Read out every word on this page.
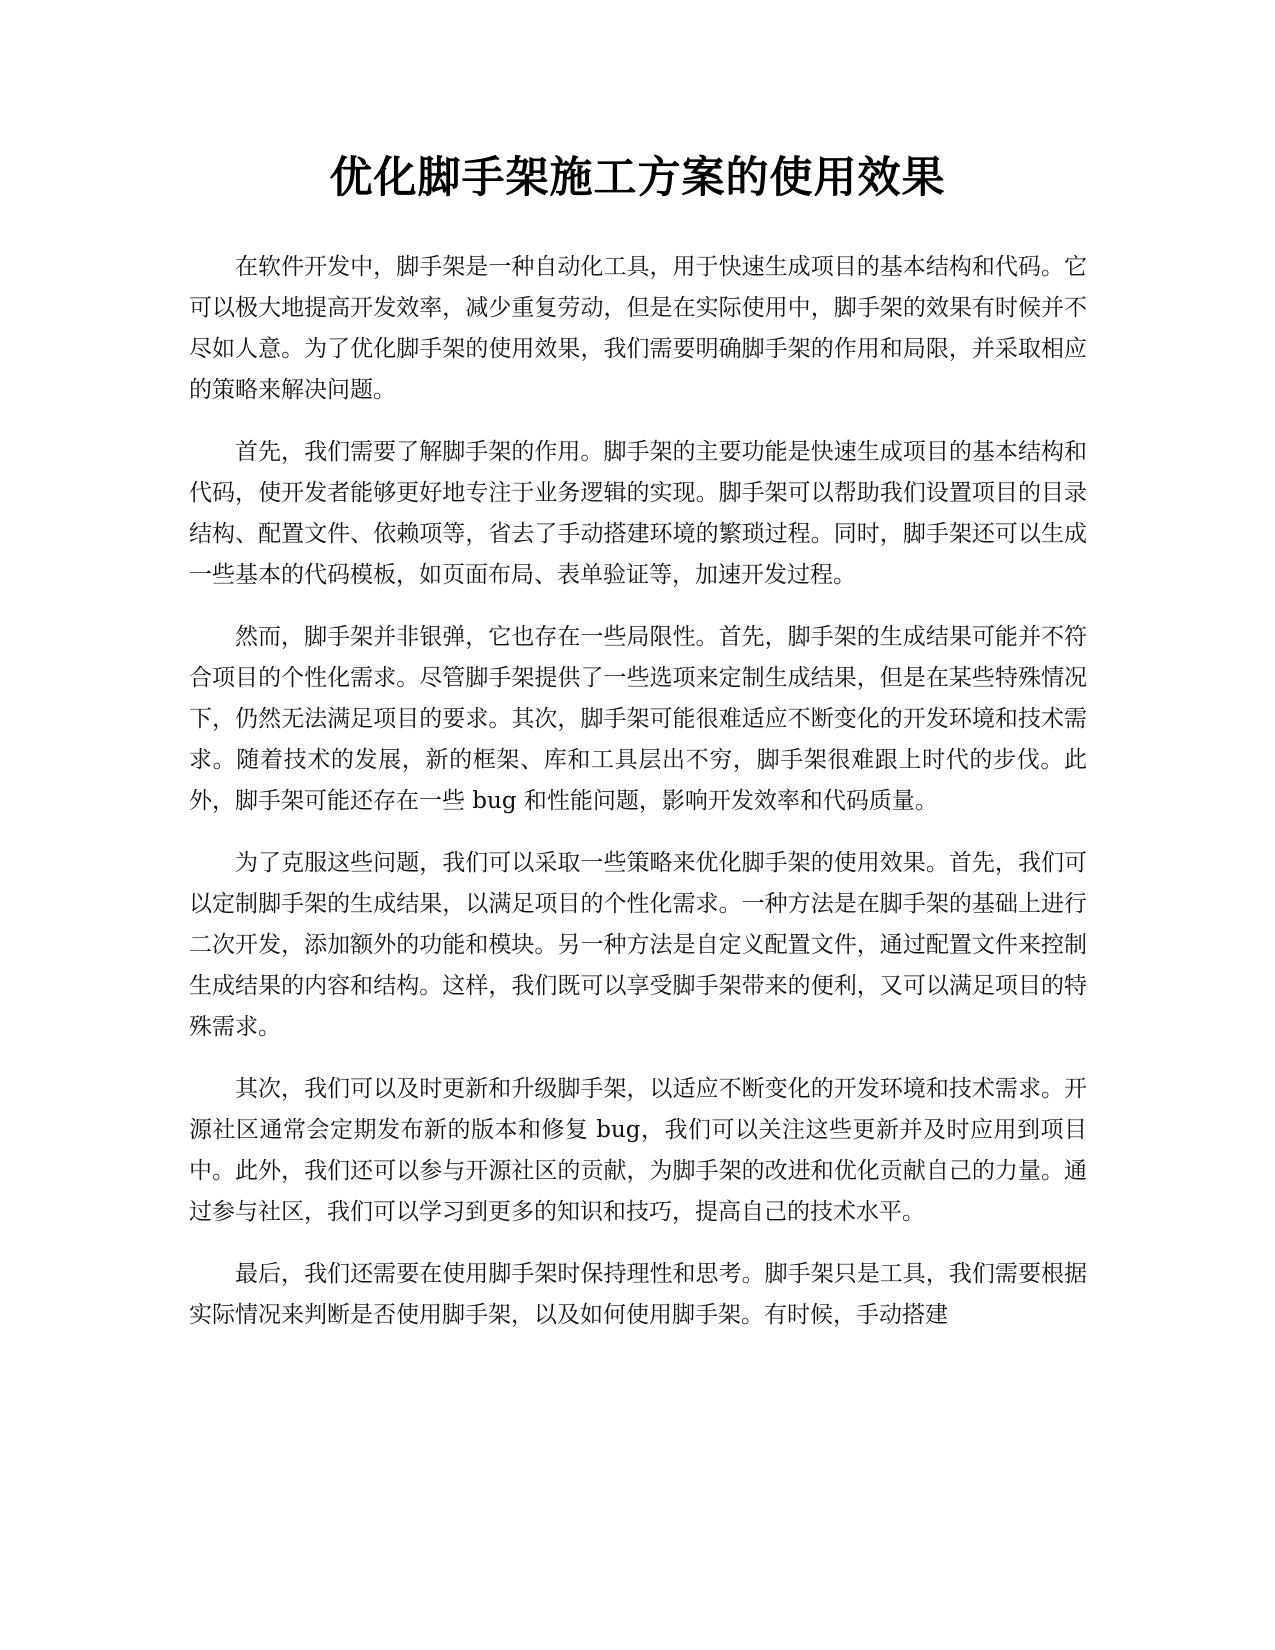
优化脚手架施工方案的使用效果

在软件开发中，脚手架是一种自动化工具，用于快速生成项目的基本结构和代码。它可以极大地提高开发效率，减少重复劳动，但是在实际使用中，脚手架的效果有时候并不尽如人意。为了优化脚手架的使用效果，我们需要明确脚手架的作用和局限，并采取相应的策略来解决问题。

首先，我们需要了解脚手架的作用。脚手架的主要功能是快速生成项目的基本结构和代码，使开发者能够更好地专注于业务逻辑的实现。脚手架可以帮助我们设置项目的目录结构、配置文件、依赖项等，省去了手动搭建环境的繁琐过程。同时，脚手架还可以生成一些基本的代码模板，如页面布局、表单验证等，加速开发过程。

然而，脚手架并非银弹，它也存在一些局限性。首先，脚手架的生成结果可能并不符合项目的个性化需求。尽管脚手架提供了一些选项来定制生成结果，但是在某些特殊情况下，仍然无法满足项目的要求。其次，脚手架可能很难适应不断变化的开发环境和技术需求。随着技术的发展，新的框架、库和工具层出不穷，脚手架很难跟上时代的步伐。此外，脚手架可能还存在一些 bug 和性能问题，影响开发效率和代码质量。

为了克服这些问题，我们可以采取一些策略来优化脚手架的使用效果。首先，我们可以定制脚手架的生成结果，以满足项目的个性化需求。一种方法是在脚手架的基础上进行二次开发，添加额外的功能和模块。另一种方法是自定义配置文件，通过配置文件来控制生成结果的内容和结构。这样，我们既可以享受脚手架带来的便利，又可以满足项目的特殊需求。

其次，我们可以及时更新和升级脚手架，以适应不断变化的开发环境和技术需求。开源社区通常会定期发布新的版本和修复 bug，我们可以关注这些更新并及时应用到项目中。此外，我们还可以参与开源社区的贡献，为脚手架的改进和优化贡献自己的力量。通过参与社区，我们可以学习到更多的知识和技巧，提高自己的技术水平。

最后，我们还需要在使用脚手架时保持理性和思考。脚手架只是工具，我们需要根据实际情况来判断是否使用脚手架，以及如何使用脚手架。有时候，手动搭建
